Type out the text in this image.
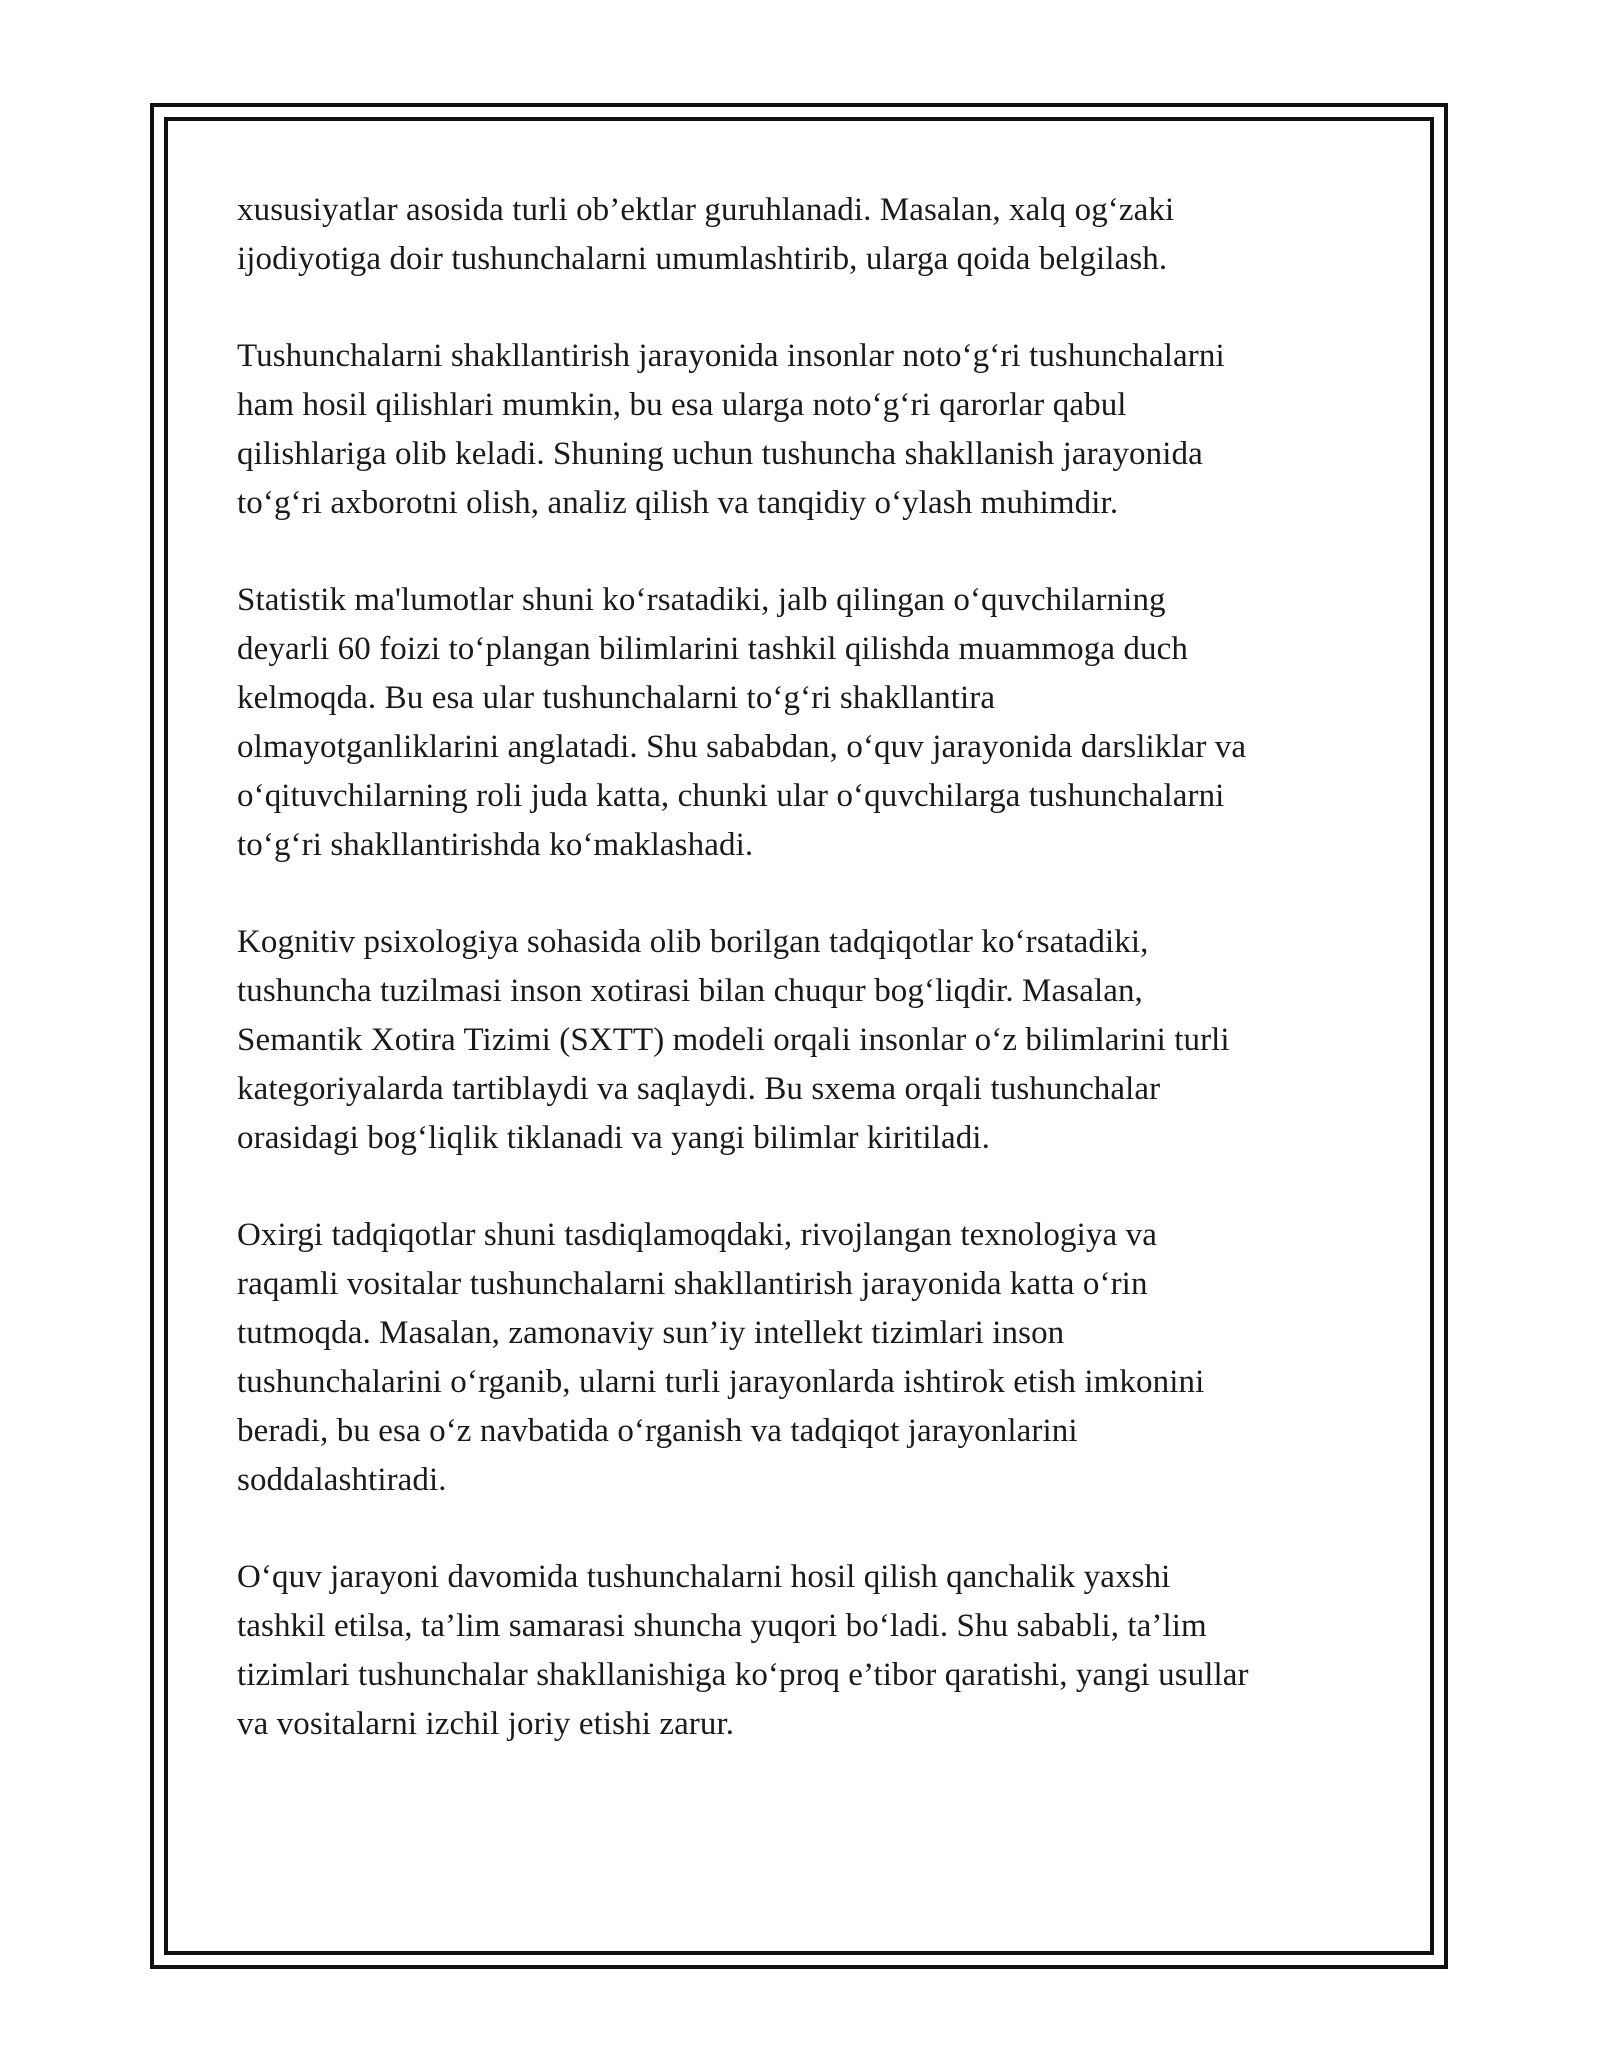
xususiyatlar asosida turli ob’ektlar guruhlanadi. Masalan, xalq og‘zaki
ijodiyotiga doir tushunchalarni umumlashtirib, ularga qoida belgilash.

Tushunchalarni shakllantirish jarayonida insonlar noto‘g‘ri tushunchalarni
ham hosil qilishlari mumkin, bu esa ularga noto‘g‘ri qarorlar qabul
qilishlariga olib keladi. Shuning uchun tushuncha shakllanish jarayonida
to‘g‘ri axborotni olish, analiz qilish va tanqidiy o‘ylash muhimdir.

Statistik ma'lumotlar shuni ko‘rsatadiki, jalb qilingan o‘quvchilarning
deyarli 60 foizi to‘plangan bilimlarini tashkil qilishda muammoga duch
kelmoqda. Bu esa ular tushunchalarni to‘g‘ri shakllantira
olmayotganliklarini anglatadi. Shu sababdan, o‘quv jarayonida darsliklar va
o‘qituvchilarning roli juda katta, chunki ular o‘quvchilarga tushunchalarni
to‘g‘ri shakllantirishda ko‘maklashadi.

Kognitiv psixologiya sohasida olib borilgan tadqiqotlar ko‘rsatadiki,
tushuncha tuzilmasi inson xotirasi bilan chuqur bog‘liqdir. Masalan,
Semantik Xotira Tizimi (SXTT) modeli orqali insonlar o‘z bilimlarini turli
kategoriyalarda tartiblaydi va saqlaydi. Bu sxema orqali tushunchalar
orasidagi bog‘liqlik tiklanadi va yangi bilimlar kiritiladi.

Oxirgi tadqiqotlar shuni tasdiqlamoqdaki, rivojlangan texnologiya va
raqamli vositalar tushunchalarni shakllantirish jarayonida katta o‘rin
tutmoqda. Masalan, zamonaviy sun’iy intellekt tizimlari inson
tushunchalarini o‘rganib, ularni turli jarayonlarda ishtirok etish imkonini
beradi, bu esa o‘z navbatida o‘rganish va tadqiqot jarayonlarini
soddalashtiradi.

O‘quv jarayoni davomida tushunchalarni hosil qilish qanchalik yaxshi
tashkil etilsa, ta’lim samarasi shuncha yuqori bo‘ladi. Shu sababli, ta’lim
tizimlari tushunchalar shakllanishiga ko‘proq e’tibor qaratishi, yangi usullar
va vositalarni izchil joriy etishi zarur.
